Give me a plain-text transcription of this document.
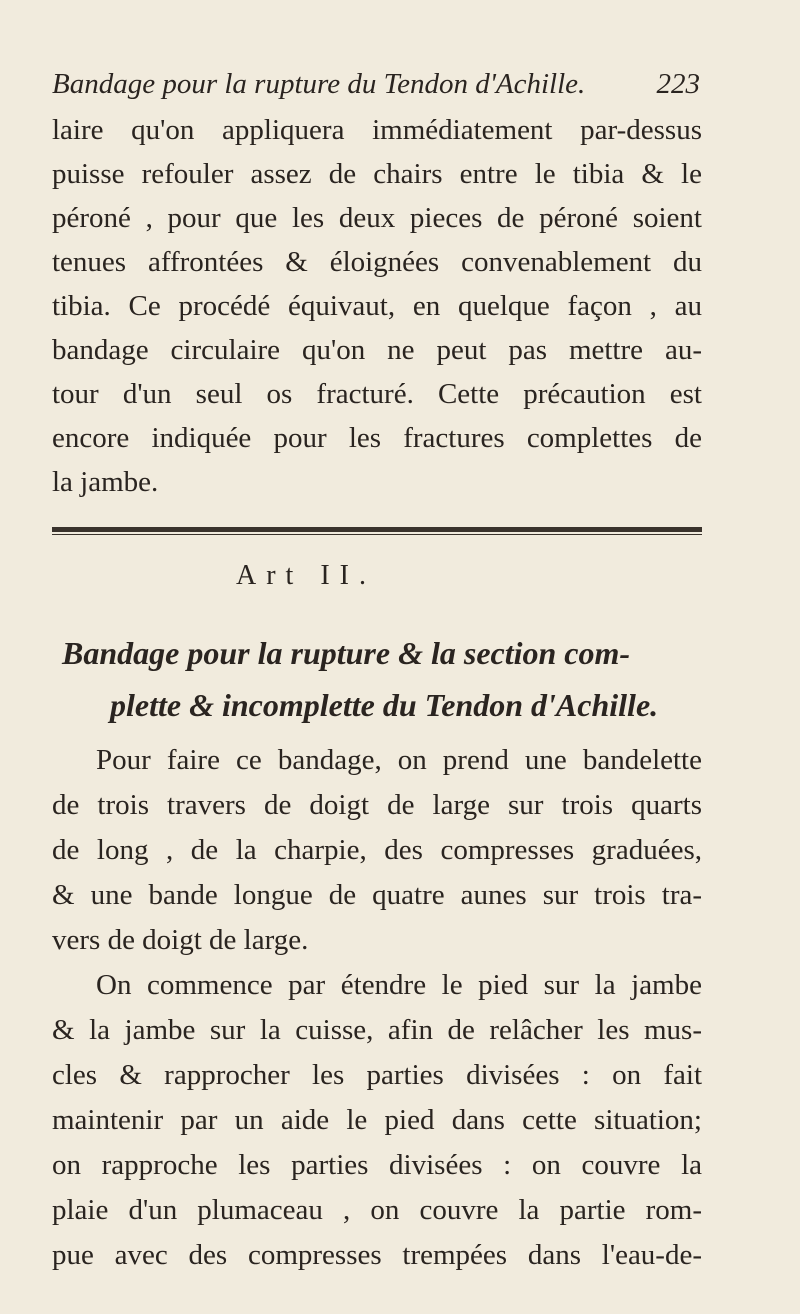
Bandage pour la rupture du Tendon d'Achille. 223
laire qu'on appliquera immédiatement par-dessus
puisse refouler assez de chairs entre le tibia & le
péroné , pour que les deux pieces de péroné soient
tenues affrontées & éloignées convenablement du
tibia. Ce procédé équivaut, en quelque façon , au
bandage circulaire qu'on ne peut pas mettre au-
tour d'un seul os fracturé. Cette précaution est
encore indiquée pour les fractures complettes de
la jambe.
Art II.
Bandage pour la rupture & la section com-
plette & incomplette du Tendon d'Achille.
Pour faire ce bandage, on prend une bandelette
de trois travers de doigt de large sur trois quarts
de long , de la charpie, des compresses graduées,
& une bande longue de quatre aunes sur trois tra-
vers de doigt de large.
On commence par étendre le pied sur la jambe
& la jambe sur la cuisse, afin de relâcher les mus-
cles & rapprocher les parties divisées : on fait
maintenir par un aide le pied dans cette situation;
on rapproche les parties divisées : on couvre la
plaie d'un plumaceau , on couvre la partie rom-
pue avec des compresses trempées dans l'eau-de-
